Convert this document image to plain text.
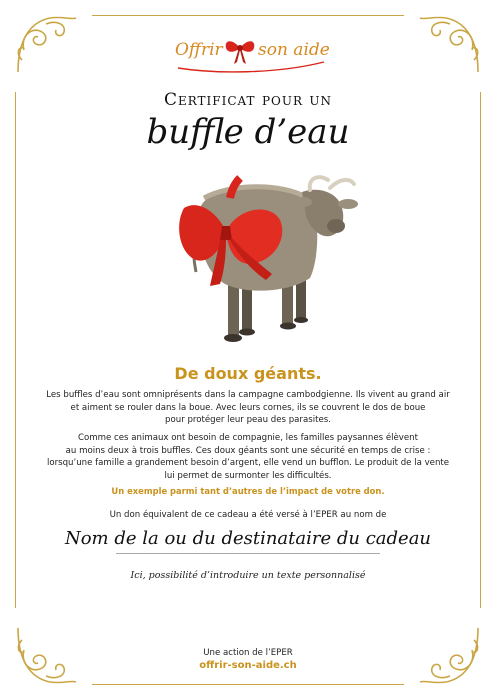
Offrir son aide
Certificat pour un
buffle d’eau
De doux géants.
Les buffles d’eau sont omniprésents dans la campagne cambodgienne. Ils vivent au grand air
et aiment se rouler dans la boue. Avec leurs cornes, ils se couvrent le dos de boue
pour protéger leur peau des parasites.
Comme ces animaux ont besoin de compagnie, les familles paysannes élèvent
au moins deux à trois buffles. Ces doux géants sont une sécurité en temps de crise :
lorsqu’une famille a grandement besoin d’argent, elle vend un bufflon. Le produit de la vente
lui permet de surmonter les difficultés.
Un exemple parmi tant d’autres de l’impact de votre don.
Un don équivalent de ce cadeau a été versé à l’EPER au nom de
Nom de la ou du destinataire du cadeau
Ici, possibilité d’introduire un texte personnalisé
Une action de l’EPER
offrir-son-aide.ch
